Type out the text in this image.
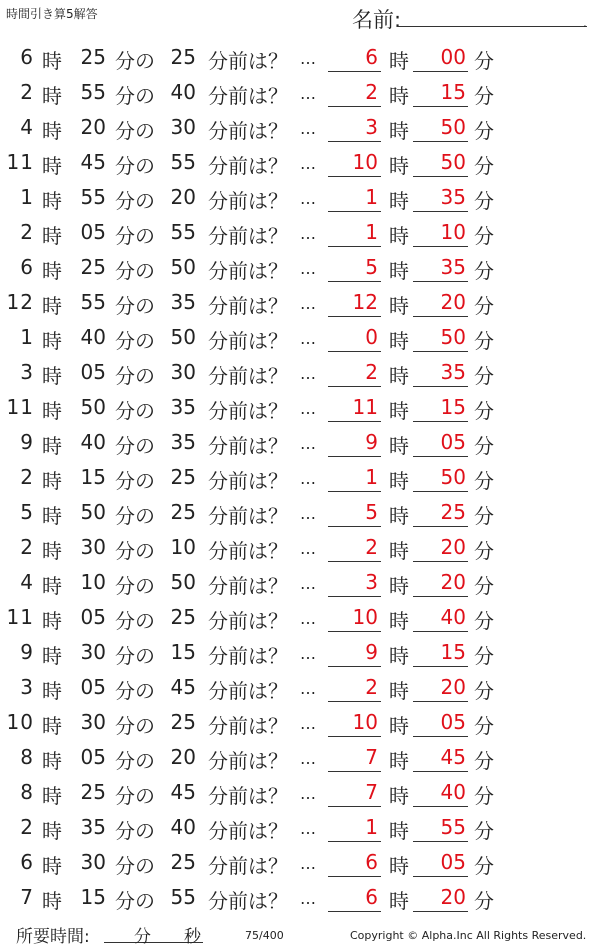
時間引き算5解答	名前:	.
6 時 25 分の 25 分前は？ …	6 時	00 分
2 時 55 分の 40 分前は？ …	2 時	15 分
4 時 20 分の 30 分前は？ …	3 時	50 分
11 時 45 分の 55 分前は？ …	10 時	50 分
1 時 55 分の 20 分前は？ …	1 時	35 分
2 時 05 分の 55 分前は？ …	1 時	10 分
6 時 25 分の 50 分前は？ …	5 時	35 分
12 時 55 分の 35 分前は？ …	12 時	20 分
1 時 40 分の 50 分前は？ …	0 時	50 分
3 時 05 分の 30 分前は？ …	2 時	35 分
11 時 50 分の 35 分前は？ …	11 時	15 分
9 時 40 分の 35 分前は？ …	9 時	05 分
2 時 15 分の 25 分前は？ …	1 時	50 分
5 時 50 分の 25 分前は？ …	5 時	25 分
2 時 30 分の 10 分前は？ …	2 時	20 分
4 時 10 分の 50 分前は？ …	3 時	20 分
11 時 05 分の 25 分前は？ …	10 時	40 分
9 時 30 分の 15 分前は？ …	9 時	15 分
3 時 05 分の 45 分前は？ …	2 時	20 分
10 時 30 分の 25 分前は？ …	10 時	05 分
8 時 05 分の 20 分前は？ …	7 時	45 分
8 時 25 分の 45 分前は？ …	7 時	40 分
2 時 35 分の 40 分前は？ …	1 時	55 分
6 時 30 分の 25 分前は？ …	6 時	05 分
7 時 15 分の 55 分前は？ …	6 時	20 分
所要時間:	分 秒	75/400	Copyright © Alpha.Inc All Rights Reserved.
